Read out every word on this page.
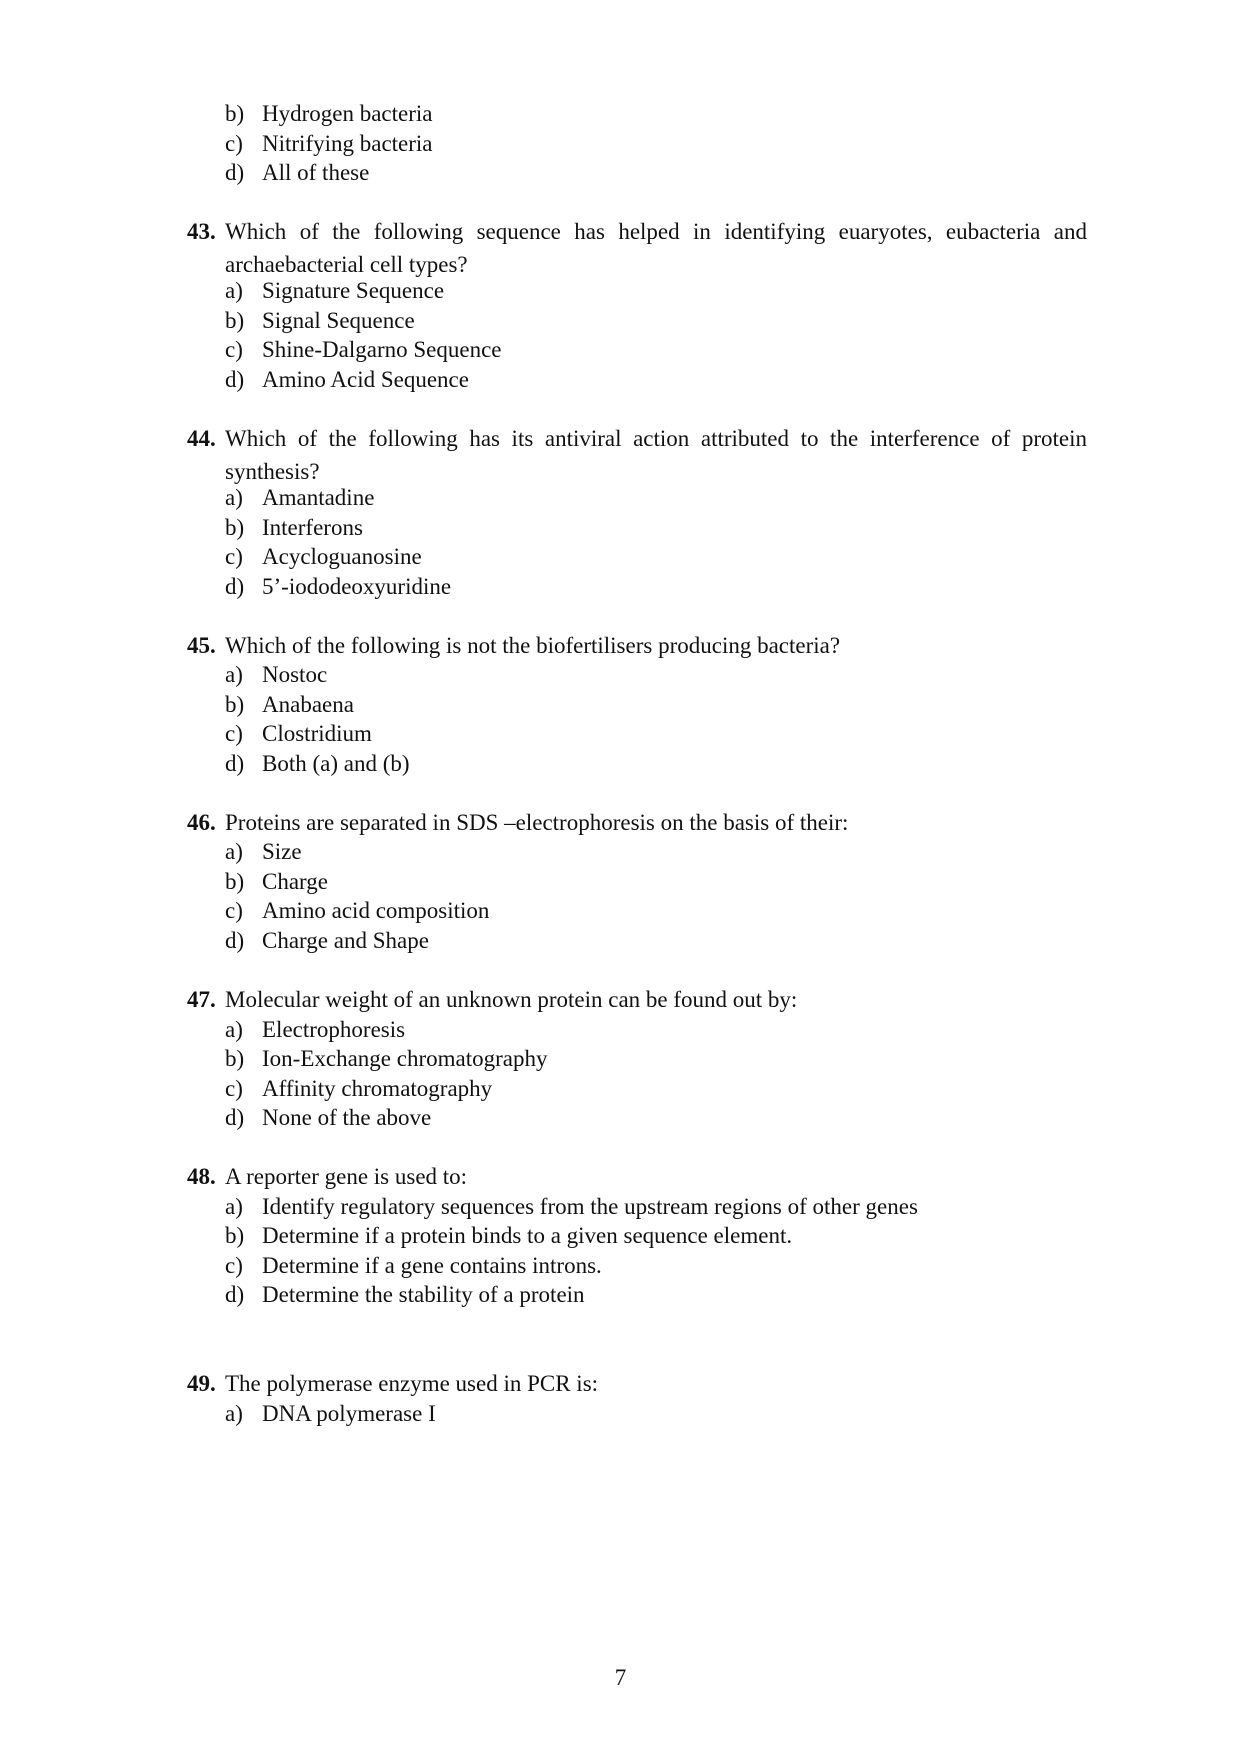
b) Hydrogen bacteria
c) Nitrifying bacteria
d) All of these
43. Which of the following sequence has helped in identifying euaryotes, eubacteria and
archaebacterial cell types?
a) Signature Sequence
b) Signal Sequence
c) Shine-Dalgarno Sequence
d) Amino Acid Sequence
44. Which of the following has its antiviral action attributed to the interference of protein
synthesis?
a) Amantadine
b) Interferons
c) Acycloguanosine
d) 5’-iododeoxyuridine
45. Which of the following is not the biofertilisers producing bacteria?
a) Nostoc
b) Anabaena
c) Clostridium
d) Both (a) and (b)
46. Proteins are separated in SDS –electrophoresis on the basis of their:
a) Size
b) Charge
c) Amino acid composition
d) Charge and Shape
47. Molecular weight of an unknown protein can be found out by:
a) Electrophoresis
b) Ion-Exchange chromatography
c) Affinity chromatography
d) None of the above
48. A reporter gene is used to:
a) Identify regulatory sequences from the upstream regions of other genes
b) Determine if a protein binds to a given sequence element.
c) Determine if a gene contains introns.
d) Determine the stability of a protein
49. The polymerase enzyme used in PCR is:
a) DNA polymerase I
7
